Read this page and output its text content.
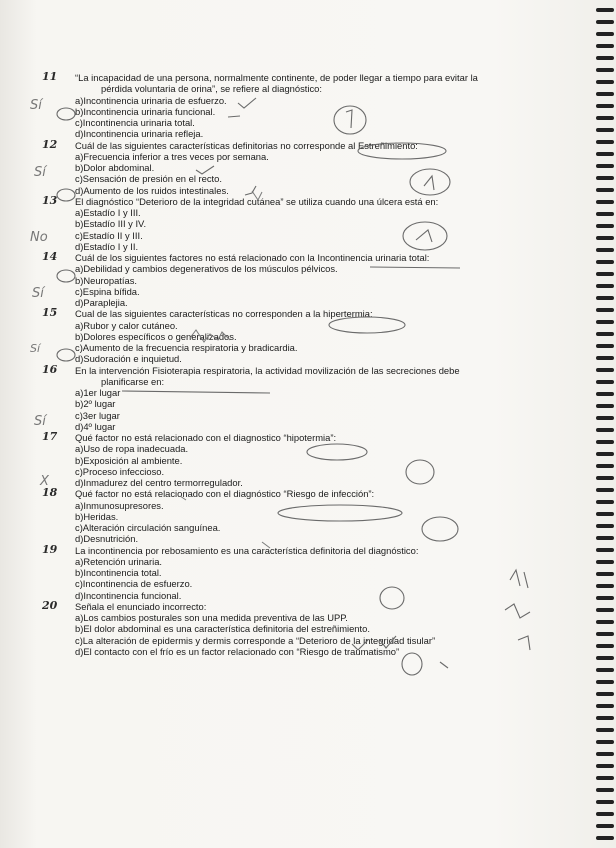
11	“La incapacidad de una persona, normalmente continente, de poder llegar a tiempo para evitar la
pérdida voluntaria de orina”, se refiere al diagnóstico:
a)Incontinencia urinaria de esfuerzo.
b)Incontinencia urinaria funcional.
c)Incontinencia urinaria total.
d)Incontinencia urinaria refleja.
12	Cuál de las siguientes características definitorias no corresponde al Estreñimiento:
a)Frecuencia inferior a tres veces por semana.
b)Dolor abdominal.
c)Sensación de presión en el recto.
d)Aumento de los ruidos intestinales.
13	El diagnóstico “Deterioro de la integridad cutánea” se utiliza cuando una úlcera está en:
a)Estadío I y III.
b)Estadío III y IV.
c)Estadío II y III.
d)Estadío I y II.
14	Cuál de los siguientes factores no está relacionado con la Incontinencia urinaria total:
a)Debilidad y cambios degenerativos de los músculos pélvicos.
b)Neuropatías.
c)Espina bífida.
d)Paraplejia.
15	Cual de las siguientes características no corresponden a la hipertermia:
a)Rubor y calor cutáneo.
b)Dolores específicos o generalizados.
c)Aumento de la frecuencia respiratoria y bradicardia.
d)Sudoración e inquietud.
16	En la intervención Fisioterapia respiratoria, la actividad movilización de las secreciones debe
planificarse en:
a)1er lugar
b)2º lugar
c)3er lugar
d)4º lugar
17	Qué factor no está relacionado con el diagnostico “hipotermia”:
a)Uso de ropa inadecuada.
b)Exposición al ambiente.
c)Proceso infeccioso.
d)Inmadurez del centro termorregulador.
18	Qué factor no está relacionado con el diagnóstico “Riesgo de infección”:
a)Inmunosupresores.
b)Heridas.
c)Alteración circulación sanguínea.
d)Desnutrición.
19	La incontinencia por rebosamiento es una característica definitoria del diagnóstico:
a)Retención urinaria.
b)Incontinencia total.
c)Incontinencia de esfuerzo.
d)Incontinencia funcional.
20	Señala el enunciado incorrecto:
a)Los cambios posturales son una medida preventiva de las UPP.
b)El dolor abdominal es una característica definitoria del estreñimiento.
c)La alteración de epidermis y dermis corresponde a “Deterioro de la integridad tisular”
d)El contacto con el frío es un factor relacionado con “Riesgo de traumatismo”
Sí
Sí
No
Sí
Sí
Sí
X
